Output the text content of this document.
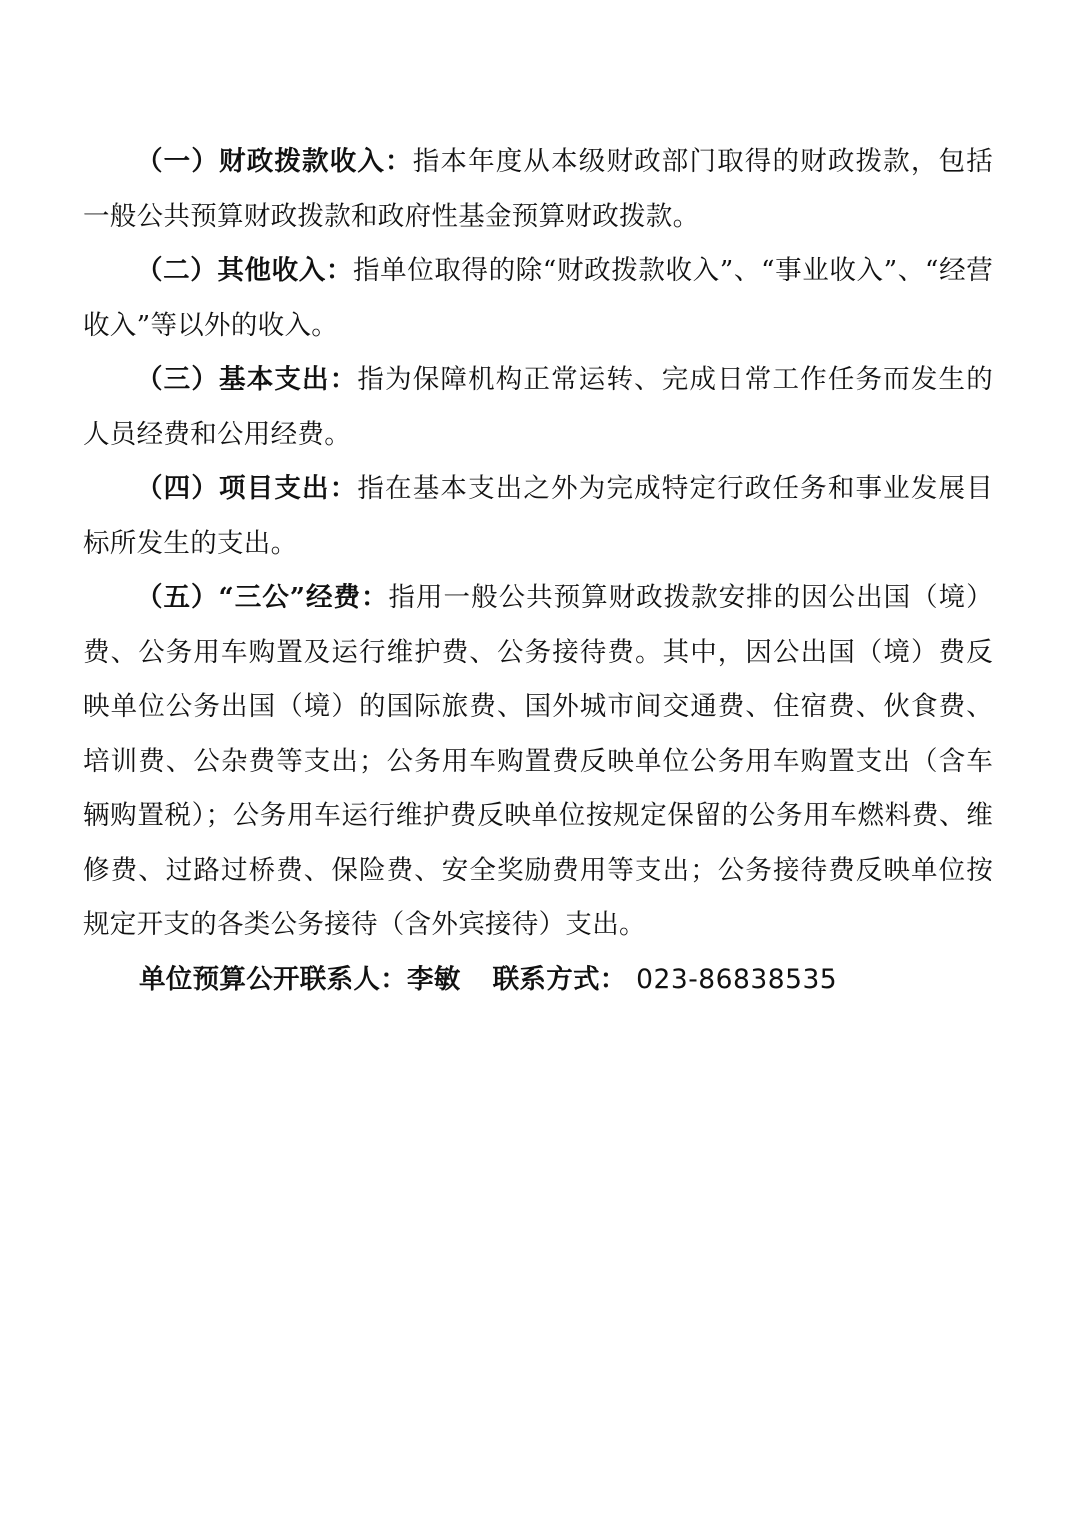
（一）财政拨款收入：指本年度从本级财政部门取得的财政拨款，包括一般公共预算财政拨款和政府性基金预算财政拨款。

（二）其他收入：指单位取得的除“财政拨款收入”、“事业收入”、“经营收入”等以外的收入。

（三）基本支出：指为保障机构正常运转、完成日常工作任务而发生的人员经费和公用经费。

（四）项目支出：指在基本支出之外为完成特定行政任务和事业发展目标所发生的支出。

（五）“三公”经费：指用一般公共预算财政拨款安排的因公出国（境）费、公务用车购置及运行维护费、公务接待费。其中，因公出国（境）费反映单位公务出国（境）的国际旅费、国外城市间交通费、住宿费、伙食费、培训费、公杂费等支出；公务用车购置费反映单位公务用车购置支出（含车辆购置税）；公务用车运行维护费反映单位按规定保留的公务用车燃料费、维修费、过路过桥费、保险费、安全奖励费用等支出；公务接待费反映单位按规定开支的各类公务接待（含外宾接待）支出。

单位预算公开联系人：李敏 联系方式： 023-86838535
